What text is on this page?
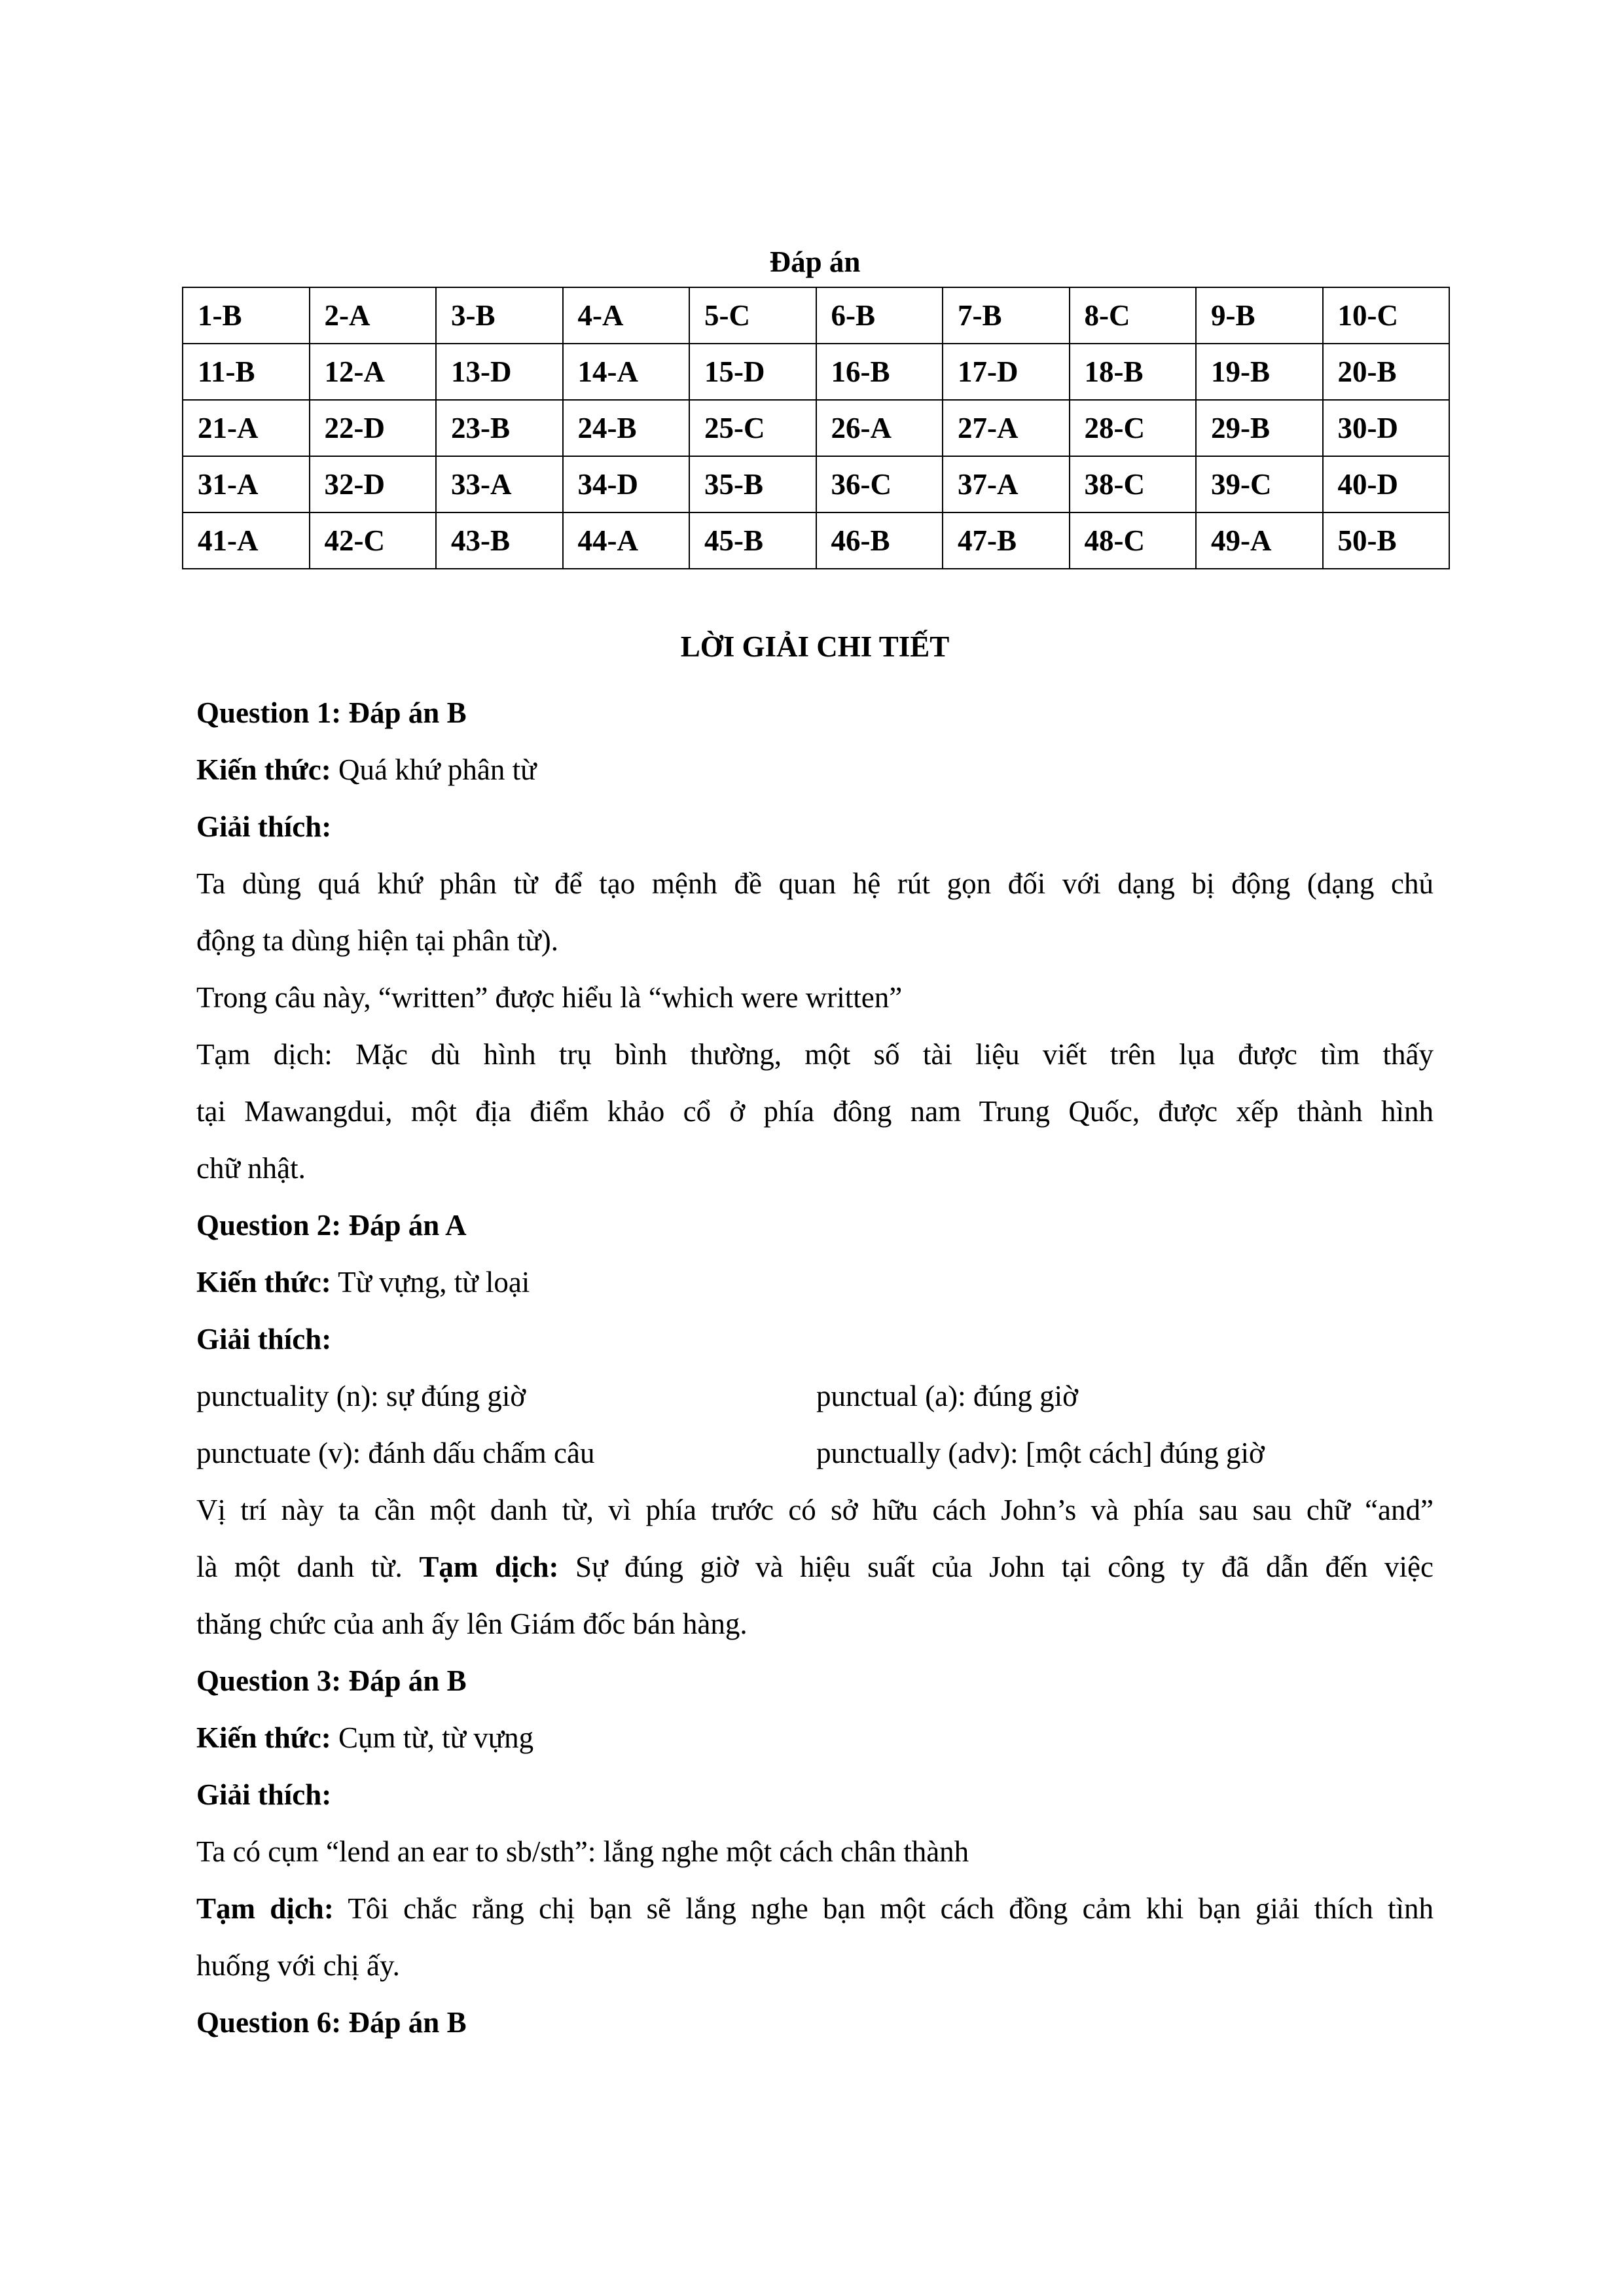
Đáp án
1-B	2-A	3-B	4-A	5-C	6-B	7-B	8-C	9-B	10-C
11-B	12-A	13-D	14-A	15-D	16-B	17-D	18-B	19-B	20-B
21-A	22-D	23-B	24-B	25-C	26-A	27-A	28-C	29-B	30-D
31-A	32-D	33-A	34-D	35-B	36-C	37-A	38-C	39-C	40-D
41-A	42-C	43-B	44-A	45-B	46-B	47-B	48-C	49-A	50-B
LỜI GIẢI CHI TIẾT
Question 1: Đáp án B
Kiến thức: Quá khứ phân từ
Giải thích:
Ta dùng quá khứ phân từ để tạo mệnh đề quan hệ rút gọn đối với dạng bị động (dạng chủ
động ta dùng hiện tại phân từ).
Trong câu này, “written” được hiểu là “which were written”
Tạm dịch: Mặc dù hình trụ bình thường, một số tài liệu viết trên lụa được tìm thấy
tại Mawangdui, một địa điểm khảo cổ ở phía đông nam Trung Quốc, được xếp thành hình
chữ nhật.
Question 2: Đáp án A
Kiến thức: Từ vựng, từ loại
Giải thích:
punctuality (n): sự đúng giờ	punctual (a): đúng giờ
punctuate (v): đánh dấu chấm câu	punctually (adv): [một cách] đúng giờ
Vị trí này ta cần một danh từ, vì phía trước có sở hữu cách John’s và phía sau sau chữ “and”
là một danh từ. Tạm dịch: Sự đúng giờ và hiệu suất của John tại công ty đã dẫn đến việc
thăng chức của anh ấy lên Giám đốc bán hàng.
Question 3: Đáp án B
Kiến thức: Cụm từ, từ vựng
Giải thích:
Ta có cụm “lend an ear to sb/sth”: lắng nghe một cách chân thành
Tạm dịch: Tôi chắc rằng chị bạn sẽ lắng nghe bạn một cách đồng cảm khi bạn giải thích tình
huống với chị ấy.
Question 6: Đáp án B
